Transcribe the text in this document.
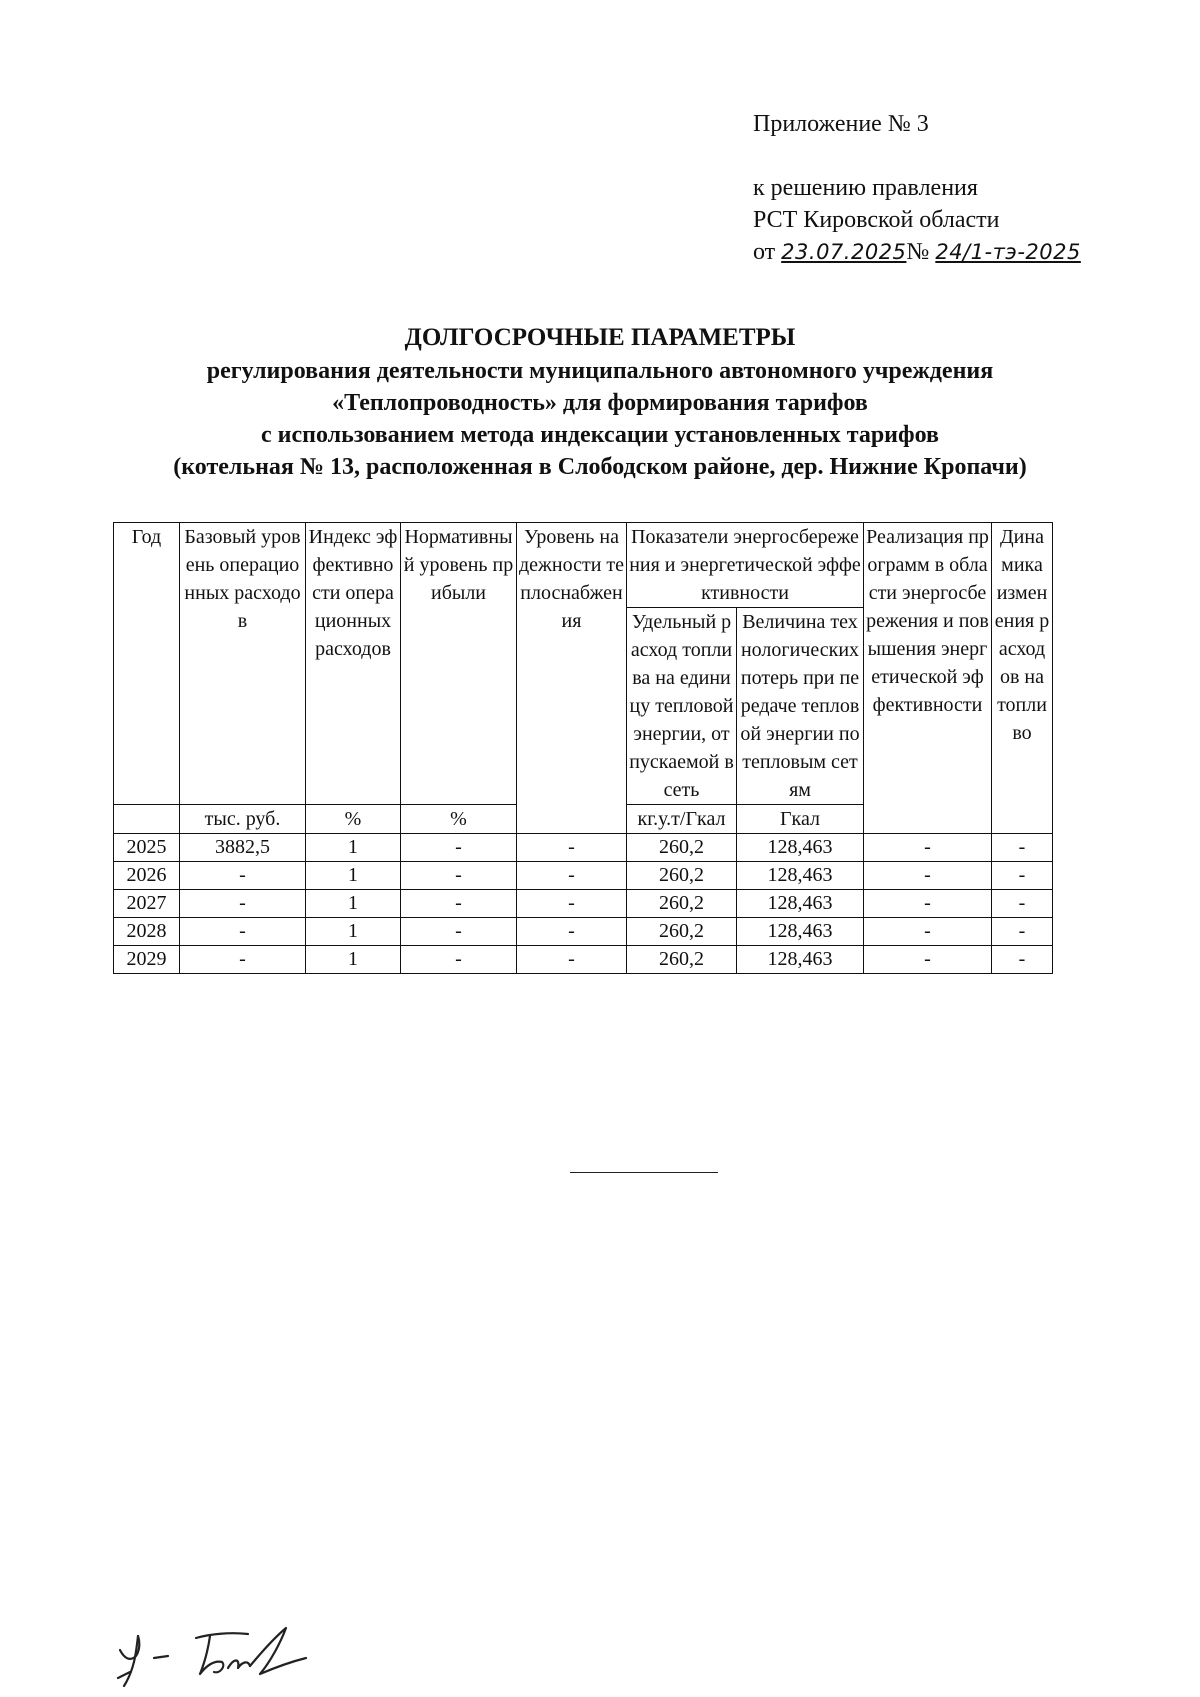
Приложение № 3
к решению правления
РСТ Кировской области
от 23.07.2025№ 24/1-тэ-2025
ДОЛГОСРОЧНЫЕ ПАРАМЕТРЫ
регулирования деятельности муниципального автономного учреждения
«Теплопроводность» для формирования тарифов
с использованием метода индексации установленных тарифов
(котельная № 13, расположенная в Слободском районе, дер. Нижние Кропачи)
Год	Базовый уровень операционных расходов	Индекс эффективности операционных расходов	Нормативный уровень прибыли	Уровень надежности теплоснабжения	Показатели энергосбережения и энергетической эффективности		Реализация программ в области энергосбережения и повышения энергетической эффективности	Динамика изменения расходов на топливо
					Удельный расход топлива на единицу тепловой энергии, отпускаемой в сеть	Величина технологических потерь при передаче тепловой энергии по тепловым сетям		
	тыс. руб.	%	%		кг.у.т/Гкал	Гкал		
2025	3882,5	1	-	-	260,2	128,463	-	-
2026	-	1	-	-	260,2	128,463	-	-
2027	-	1	-	-	260,2	128,463	-	-
2028	-	1	-	-	260,2	128,463	-	-
2029	-	1	-	-	260,2	128,463	-	-
